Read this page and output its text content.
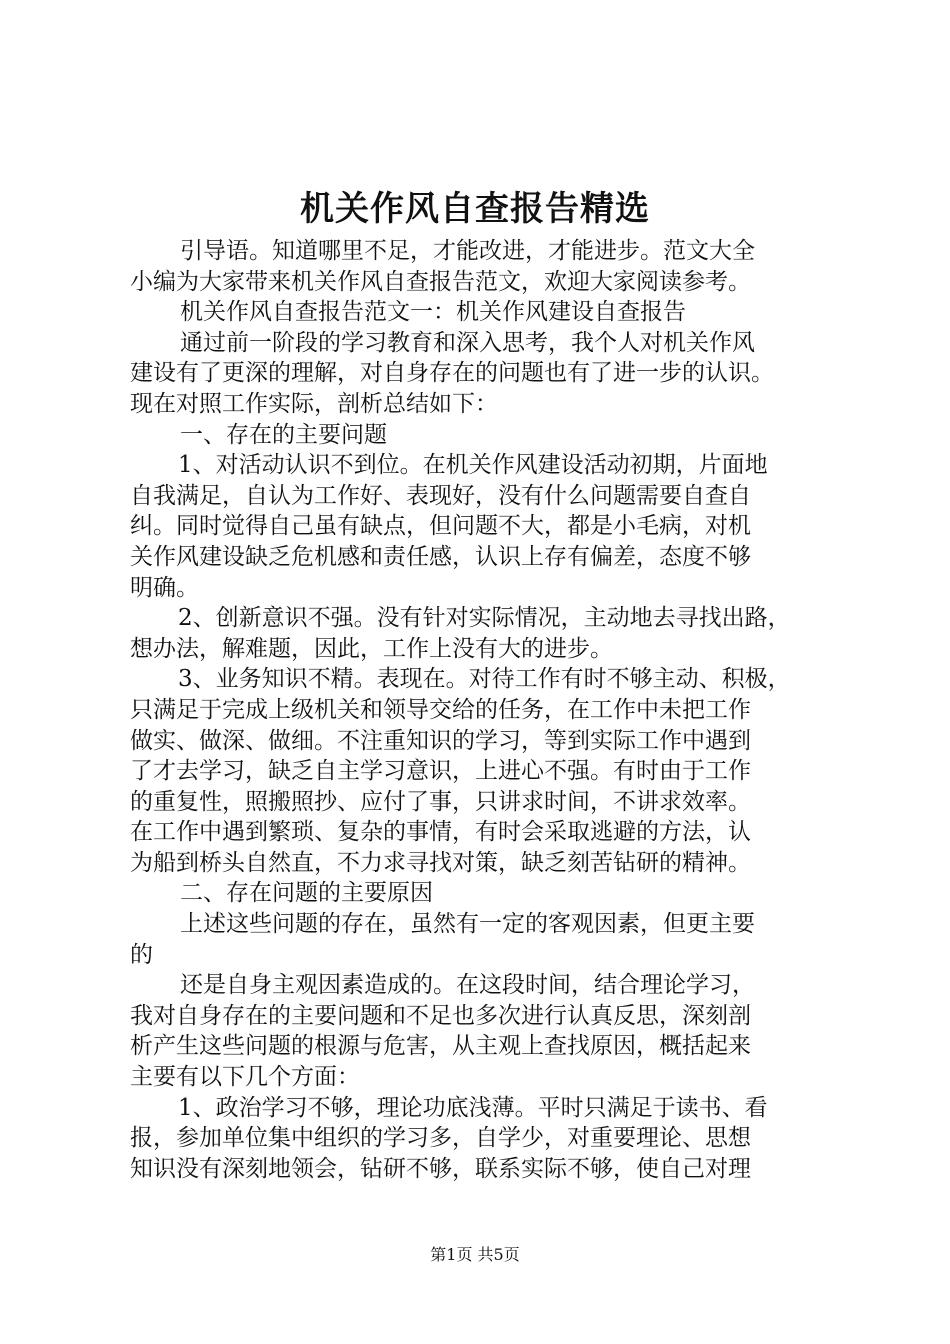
机关作风自查报告精选
引导语。知道哪里不足，才能改进，才能进步。范文大全
小编为大家带来机关作风自查报告范文，欢迎大家阅读参考。
机关作风自查报告范文一：机关作风建设自查报告
通过前一阶段的学习教育和深入思考，我个人对机关作风
建设有了更深的理解，对自身存在的问题也有了进一步的认识。
现在对照工作实际，剖析总结如下：
一、存在的主要问题
1、对活动认识不到位。在机关作风建设活动初期，片面地
自我满足，自认为工作好、表现好，没有什么问题需要自查自
纠。同时觉得自己虽有缺点，但问题不大，都是小毛病，对机
关作风建设缺乏危机感和责任感，认识上存有偏差，态度不够
明确。
2、创新意识不强。没有针对实际情况，主动地去寻找出路，
想办法，解难题，因此，工作上没有大的进步。
3、业务知识不精。表现在。对待工作有时不够主动、积极，
只满足于完成上级机关和领导交给的任务，在工作中未把工作
做实、做深、做细。不注重知识的学习，等到实际工作中遇到
了才去学习，缺乏自主学习意识，上进心不强。有时由于工作
的重复性，照搬照抄、应付了事，只讲求时间，不讲求效率。
在工作中遇到繁琐、复杂的事情，有时会采取逃避的方法，认
为船到桥头自然直，不力求寻找对策，缺乏刻苦钻研的精神。
二、存在问题的主要原因
上述这些问题的存在，虽然有一定的客观因素，但更主要
的
还是自身主观因素造成的。在这段时间，结合理论学习，
我对自身存在的主要问题和不足也多次进行认真反思，深刻剖
析产生这些问题的根源与危害，从主观上查找原因，概括起来
主要有以下几个方面：
1、政治学习不够，理论功底浅薄。平时只满足于读书、看
报，参加单位集中组织的学习多，自学少，对重要理论、思想
知识没有深刻地领会，钻研不够，联系实际不够，使自己对理
第1页 共5页
